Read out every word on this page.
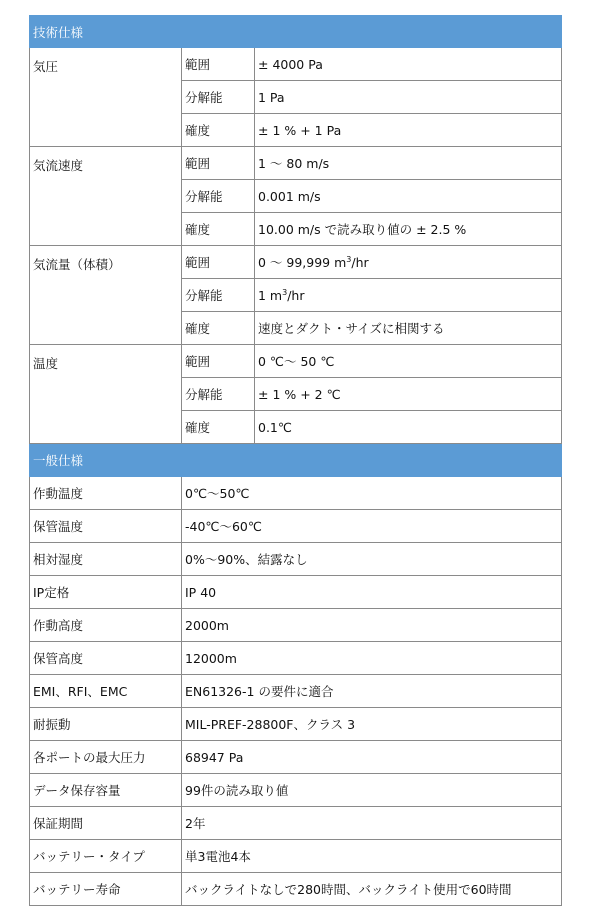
技術仕様		
気圧	範囲	± 4000 Pa
	分解能	1 Pa
	確度	± 1 % + 1 Pa
気流速度	範囲	1 ～ 80 m/s
	分解能	0.001 m/s
	確度	10.00 m/s で読み取り値の ± 2.5 %
気流量（体積）	範囲	0 ～ 99,999 $m^3/hr$
	分解能	1 $m^3/hr$
	確度	速度とダクト・サイズに相関する
温度	範囲	0 ℃～ 50 ℃
	分解能	± 1 % + 2 ℃
	確度	0.1℃
一般仕様		
作動温度	0℃～50℃	
保管温度	-40℃～60℃	
相対湿度	0%～90%、結露なし	
IP定格	IP 40	
作動高度	2000m	
保管高度	12000m	
EMI、RFI、EMC	EN61326-1 の要件に適合	
耐振動	MIL-PREF-28800F、クラス 3	
各ポートの最大圧力	68947 Pa	
データ保存容量	99件の読み取り値	
保証期間	2年	
バッテリー・タイプ	単3電池4本	
バッテリー寿命	バックライトなしで280時間、バックライト使用で60時間	
